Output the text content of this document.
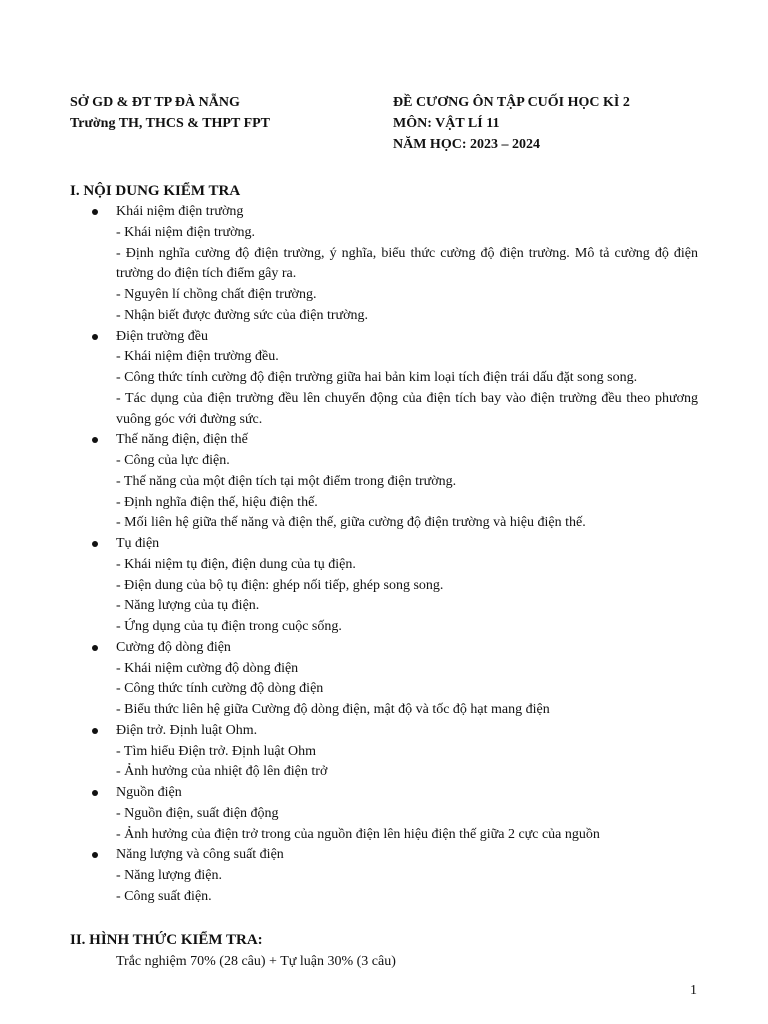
SỞ GD & ĐT TP ĐÀ NẴNG
Trường TH, THCS & THPT FPT
ĐỀ CƯƠNG ÔN TẬP CUỐI HỌC KÌ 2
MÔN: VẬT LÍ 11
NĂM HỌC: 2023 – 2024
I. NỘI DUNG KIỂM TRA
Khái niệm điện trường
- Khái niệm điện trường.
- Định nghĩa cường độ điện trường, ý nghĩa, biểu thức cường độ điện trường. Mô tả cường độ điện trường do điện tích điểm gây ra.
- Nguyên lí chồng chất điện trường.
- Nhận biết được đường sức của điện trường.
Điện trường đều
- Khái niệm điện trường đều.
- Công thức tính cường độ điện trường giữa hai bản kim loại tích điện trái dấu đặt song song.
- Tác dụng của điện trường đều lên chuyển động của điện tích bay vào điện trường đều theo phương vuông góc với đường sức.
Thế năng điện, điện thế
- Công của lực điện.
- Thế năng của một điện tích tại một điểm trong điện trường.
- Định nghĩa điện thế, hiệu điện thế.
- Mối liên hệ giữa thế năng và điện thế, giữa cường độ điện trường và hiệu điện thế.
Tụ điện
- Khái niệm tụ điện, điện dung của tụ điện.
- Điện dung của bộ tụ điện: ghép nối tiếp, ghép song song.
- Năng lượng của tụ điện.
- Ứng dụng của tụ điện trong cuộc sống.
Cường độ dòng điện
- Khái niệm cường độ dòng điện
- Công thức tính cường độ dòng điện
- Biểu thức liên hệ giữa Cường độ dòng điện, mật độ và tốc độ hạt mang điện
Điện trở. Định luật Ohm.
- Tìm hiểu Điện trở. Định luật Ohm
- Ảnh hưởng của nhiệt độ lên điện trở
Nguồn điện
- Nguồn điện, suất điện động
- Ảnh hưởng của điện trở trong của nguồn điện lên hiệu điện thế giữa 2 cực của nguồn
Năng lượng và công suất điện
- Năng lượng điện.
- Công suất điện.
II. HÌNH THỨC KIỂM TRA:
Trắc nghiệm 70% (28 câu) + Tự luận 30% (3 câu)
1
